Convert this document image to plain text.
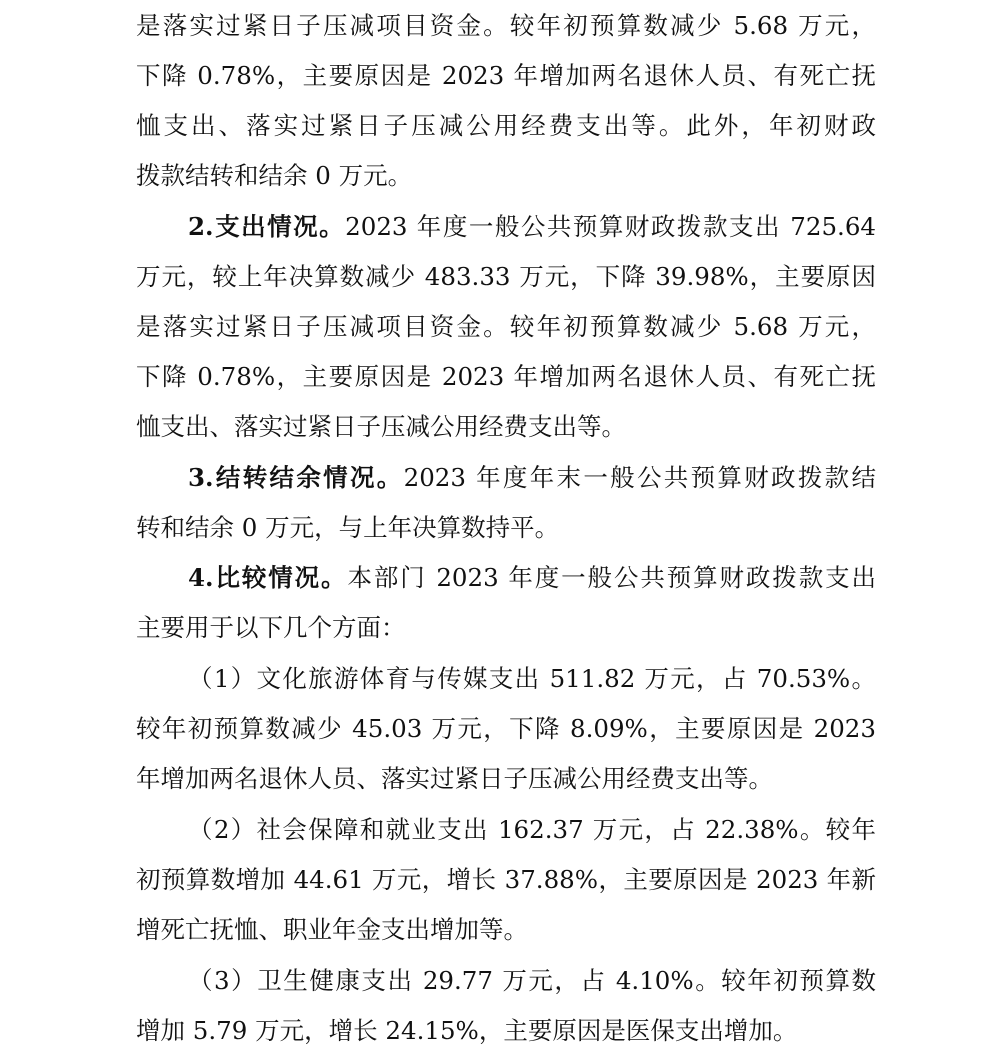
是落实过紧日子压减项目资金。较年初预算数减少 5.68 万元，
下降 0.78%，主要原因是 2023 年增加两名退休人员、有死亡抚
恤支出、落实过紧日子压减公用经费支出等。此外，年初财政
拨款结转和结余 0 万元。
2.支出情况。2023 年度一般公共预算财政拨款支出 725.64
万元，较上年决算数减少 483.33 万元，下降 39.98%，主要原因
是落实过紧日子压减项目资金。较年初预算数减少 5.68 万元，
下降 0.78%，主要原因是 2023 年增加两名退休人员、有死亡抚
恤支出、落实过紧日子压减公用经费支出等。
3.结转结余情况。2023 年度年末一般公共预算财政拨款结
转和结余 0 万元，与上年决算数持平。
4.比较情况。本部门 2023 年度一般公共预算财政拨款支出
主要用于以下几个方面：
（1）文化旅游体育与传媒支出 511.82 万元，占 70.53%。
较年初预算数减少 45.03 万元，下降 8.09%，主要原因是 2023
年增加两名退休人员、落实过紧日子压减公用经费支出等。
（2）社会保障和就业支出 162.37 万元，占 22.38%。较年
初预算数增加 44.61 万元，增长 37.88%，主要原因是 2023 年新
增死亡抚恤、职业年金支出增加等。
（3）卫生健康支出 29.77 万元，占 4.10%。较年初预算数
增加 5.79 万元，增长 24.15%，主要原因是医保支出增加。
